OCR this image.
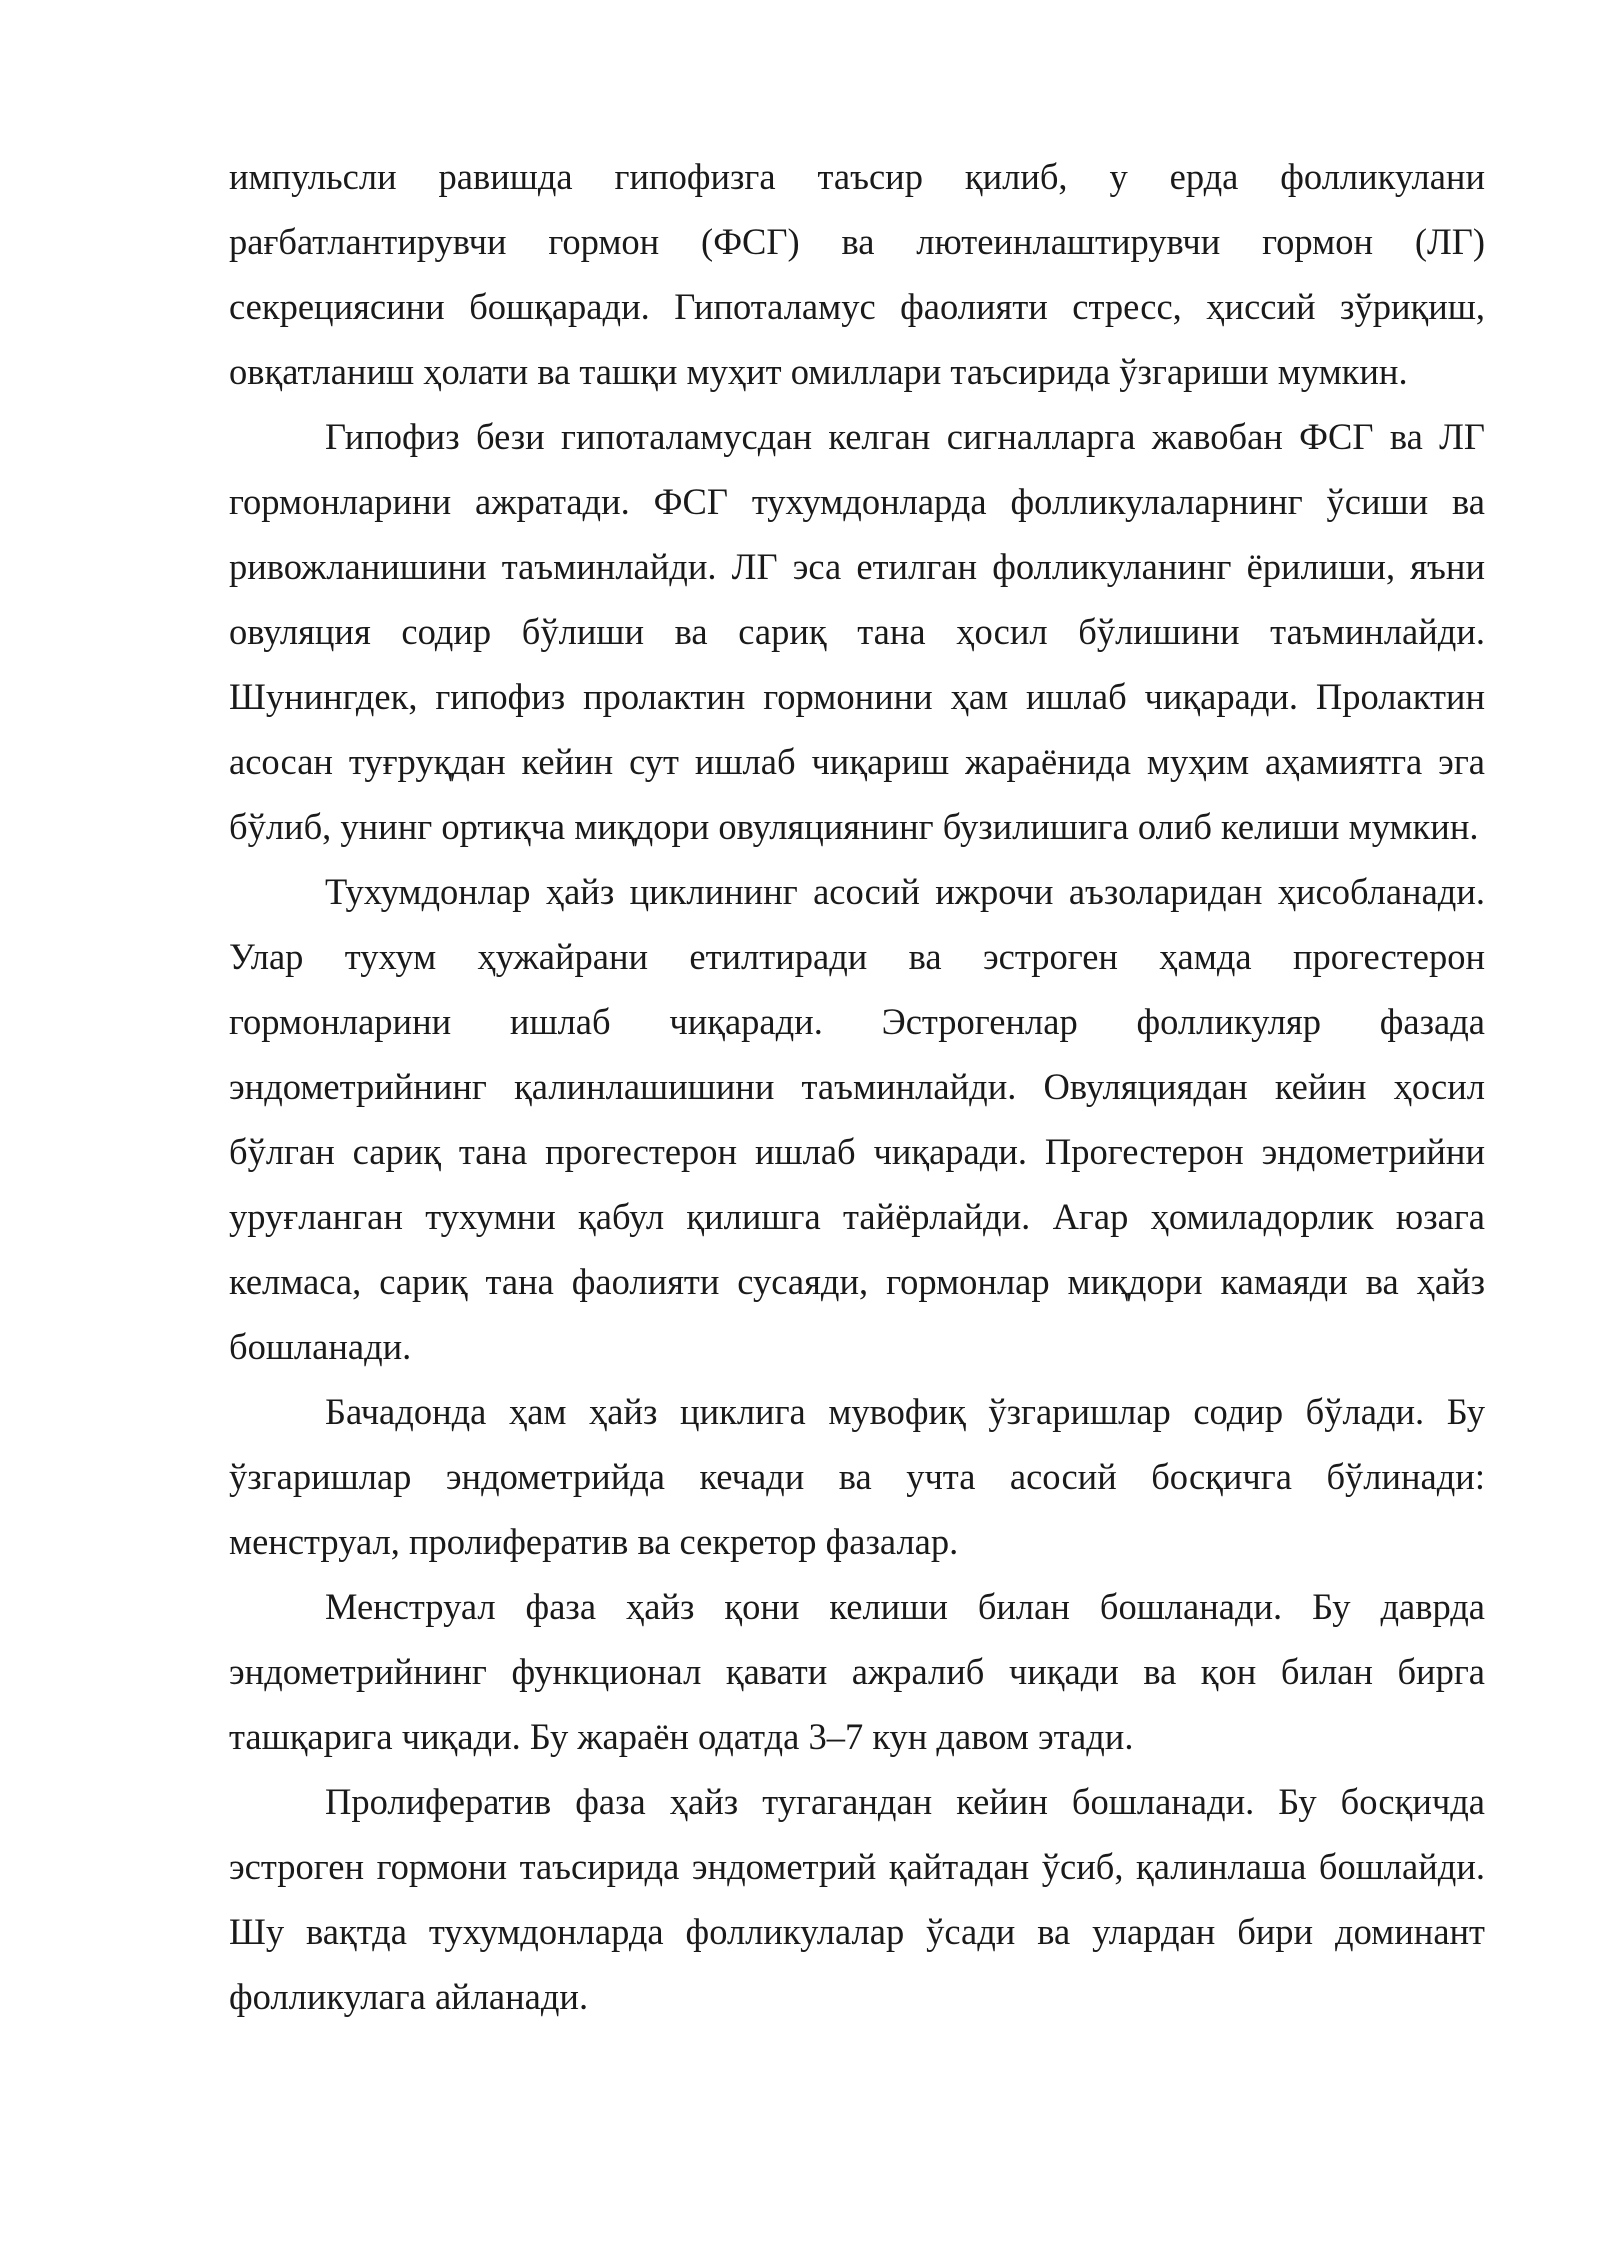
импульсли равишда гипофизга таъсир қилиб, у ерда фолликулани рағбатлантирувчи гормон (ФСГ) ва лютеинлаштирувчи гормон (ЛГ) секрециясини бошқаради. Гипоталамус фаолияти стресс, ҳиссий зўриқиш, овқатланиш ҳолати ва ташқи муҳит омиллари таъсирида ўзгариши мумкин.

Гипофиз бези гипоталамусдан келган сигналларга жавобан ФСГ ва ЛГ гормонларини ажратади. ФСГ тухумдонларда фолликулаларнинг ўсиши ва ривожланишини таъминлайди. ЛГ эса етилган фолликуланинг ёрилиши, яъни овуляция содир бўлиши ва сариқ тана ҳосил бўлишини таъминлайди. Шунингдек, гипофиз пролактин гормонини ҳам ишлаб чиқаради. Пролактин асосан туғруқдан кейин сут ишлаб чиқариш жараёнида муҳим аҳамиятга эга бўлиб, унинг ортиқча миқдори овуляциянинг бузилишига олиб келиши мумкин.

Тухумдонлар ҳайз циклининг асосий ижрочи аъзоларидан ҳисобланади. Улар тухум ҳужайрани етилтиради ва эстроген ҳамда прогестерон гормонларини ишлаб чиқаради. Эстрогенлар фолликуляр фазада эндометрийнинг қалинлашишини таъминлайди. Овуляциядан кейин ҳосил бўлган сариқ тана прогестерон ишлаб чиқаради. Прогестерон эндометрийни уруғланган тухумни қабул қилишга тайёрлайди. Агар ҳомиладорлик юзага келмаса, сариқ тана фаолияти сусаяди, гормонлар миқдори камаяди ва ҳайз бошланади.

Бачадонда ҳам ҳайз циклига мувофиқ ўзгаришлар содир бўлади. Бу ўзгаришлар эндометрийда кечади ва учта асосий босқичга бўлинади: менструал, пролифератив ва секретор фазалар.

Менструал фаза ҳайз қони келиши билан бошланади. Бу даврда эндометрийнинг функционал қавати ажралиб чиқади ва қон билан бирга ташқарига чиқади. Бу жараён одатда 3–7 кун давом этади.

Пролифератив фаза ҳайз тугагандан кейин бошланади. Бу босқичда эстроген гормони таъсирида эндометрий қайтадан ўсиб, қалинлаша бошлайди. Шу вақтда тухумдонларда фолликулалар ўсади ва улардан бири доминант фолликулага айланади.
